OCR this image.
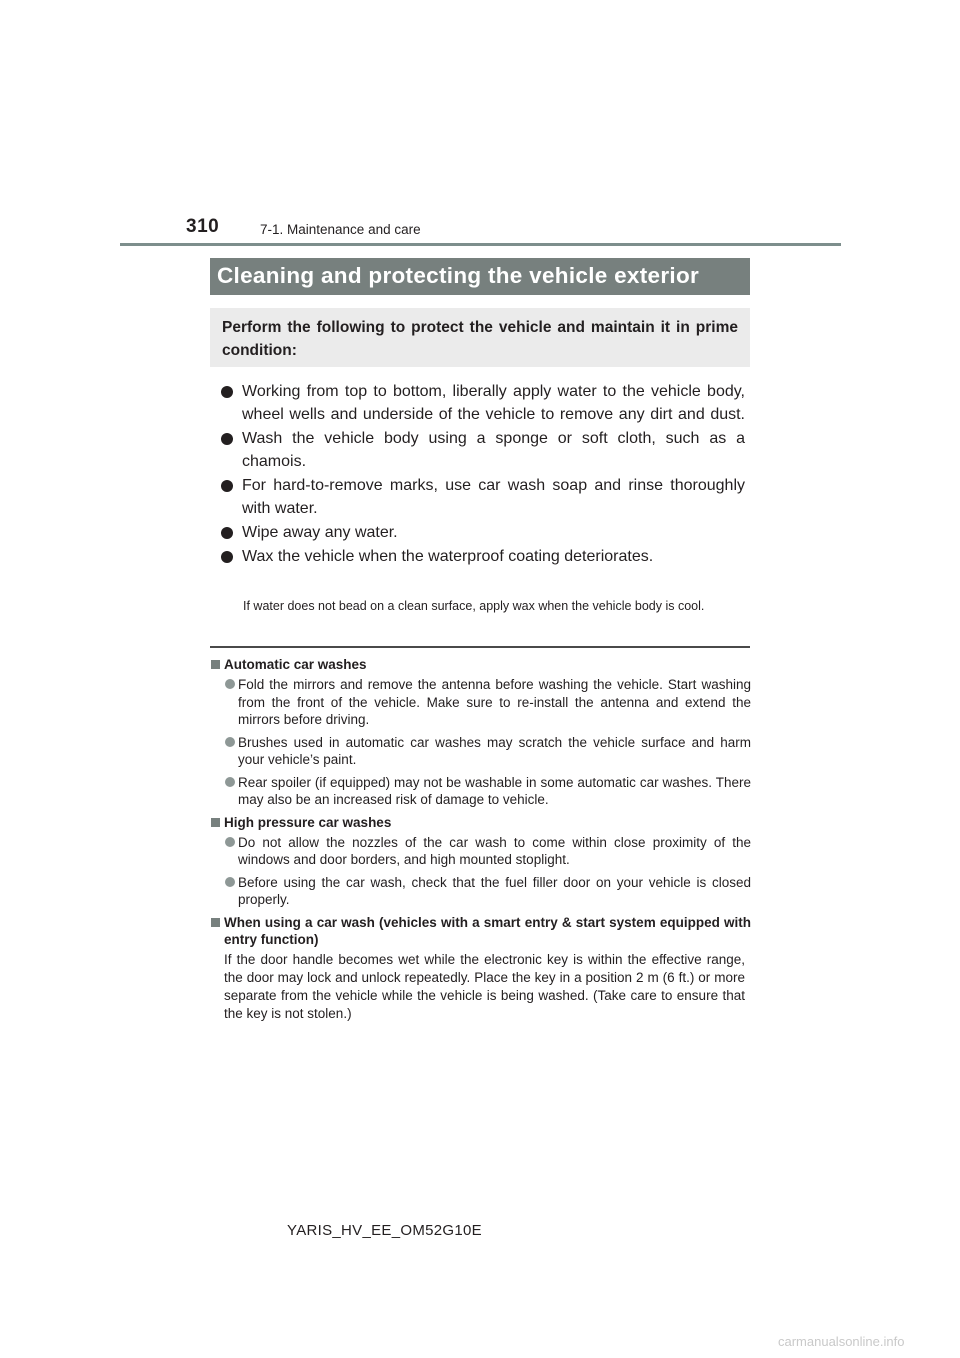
310	7-1. Maintenance and care
Cleaning and protecting the vehicle exterior
Perform the following to protect the vehicle and maintain it in prime condition:
Working from top to bottom, liberally apply water to the vehicle body, wheel wells and underside of the vehicle to remove any dirt and dust.
Wash the vehicle body using a sponge or soft cloth, such as a chamois.
For hard-to-remove marks, use car wash soap and rinse thoroughly with water.
Wipe away any water.
Wax the vehicle when the waterproof coating deteriorates.
If water does not bead on a clean surface, apply wax when the vehicle body is cool.
Automatic car washes
Fold the mirrors and remove the antenna before washing the vehicle. Start washing from the front of the vehicle. Make sure to re-install the antenna and extend the mirrors before driving.
Brushes used in automatic car washes may scratch the vehicle surface and harm your vehicle’s paint.
Rear spoiler (if equipped) may not be washable in some automatic car washes. There may also be an increased risk of damage to vehicle.
High pressure car washes
Do not allow the nozzles of the car wash to come within close proximity of the windows and door borders, and high mounted stoplight.
Before using the car wash, check that the fuel filler door on your vehicle is closed properly.
When using a car wash (vehicles with a smart entry & start system equipped with entry function)
If the door handle becomes wet while the electronic key is within the effective range, the door may lock and unlock repeatedly. Place the key in a position 2 m (6 ft.) or more separate from the vehicle while the vehicle is being washed. (Take care to ensure that the key is not stolen.)
YARIS_HV_EE_OM52G10E
carmanualsonline.info
